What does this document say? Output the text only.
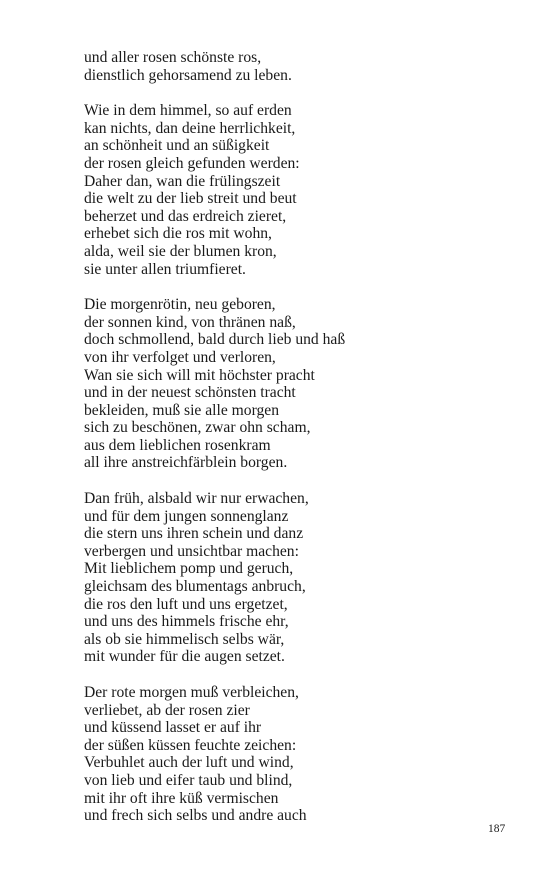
und aller rosen schönste ros,
dienstlich gehorsamend zu leben.
Wie in dem himmel, so auf erden
kan nichts, dan deine herrlichkeit,
an schönheit und an süßigkeit
der rosen gleich gefunden werden:
Daher dan, wan die frülingszeit
die welt zu der lieb streit und beut
beherzet und das erdreich zieret,
erhebet sich die ros mit wohn,
alda, weil sie der blumen kron,
sie unter allen triumfieret.
Die morgenrötin, neu geboren,
der sonnen kind, von thränen naß,
doch schmollend, bald durch lieb und haß
von ihr verfolget und verloren,
Wan sie sich will mit höchster pracht
und in der neuest schönsten tracht
bekleiden, muß sie alle morgen
sich zu beschönen, zwar ohn scham,
aus dem lieblichen rosenkram
all ihre anstreichfärblein borgen.
Dan früh, alsbald wir nur erwachen,
und für dem jungen sonnenglanz
die stern uns ihren schein und danz
verbergen und unsichtbar machen:
Mit lieblichem pomp und geruch,
gleichsam des blumentags anbruch,
die ros den luft und uns ergetzet,
und uns des himmels frische ehr,
als ob sie himmelisch selbs wär,
mit wunder für die augen setzet.
Der rote morgen muß verbleichen,
verliebet, ab der rosen zier
und küssend lasset er auf ihr
der süßen küssen feuchte zeichen:
Verbuhlet auch der luft und wind,
von lieb und eifer taub und blind,
mit ihr oft ihre küß vermischen
und frech sich selbs und andre auch
187
